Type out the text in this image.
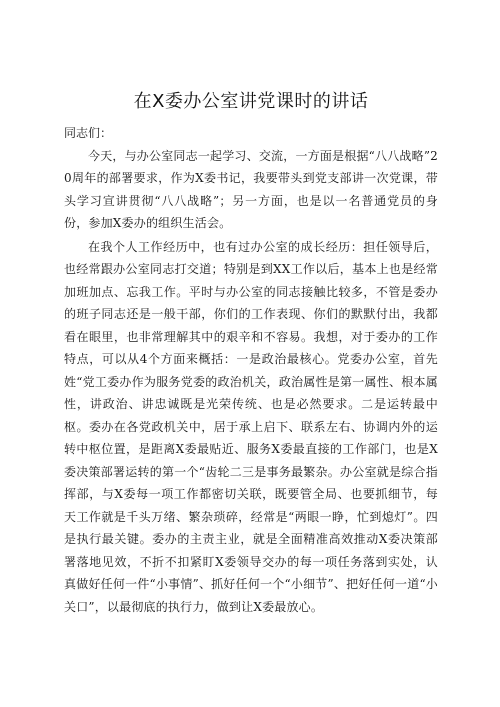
在X委办公室讲党课时的讲话

同志们：

今天，与办公室同志一起学习、交流，一方面是根据“八八战略”20周年的部署要求，作为X委书记，我要带头到党支部讲一次党课，带头学习宣讲贯彻“八八战略”；另一方面，也是以一名普通党员的身份，参加X委办的组织生活会。

在我个人工作经历中，也有过办公室的成长经历：担任领导后，也经常跟办公室同志打交道；特别是到XX工作以后，基本上也是经常加班加点、忘我工作。平时与办公室的同志接触比较多，不管是委办的班子同志还是一般干部，你们的工作表现、你们的默默付出，我都看在眼里，也非常理解其中的艰辛和不容易。我想，对于委办的工作特点，可以从4个方面来概括：一是政治最核心。党委办公室，首先姓“党工委办作为服务党委的政治机关，政治属性是第一属性、根本属性，讲政治、讲忠诚既是光荣传统、也是必然要求。二是运转最中枢。委办在各党政机关中，居于承上启下、联系左右、协调内外的运转中枢位置，是距离X委最贴近、服务X委最直接的工作部门，也是X委决策部署运转的第一个“齿轮二三是事务最繁杂。办公室就是综合指挥部，与X委每一项工作都密切关联，既要管全局、也要抓细节，每天工作就是千头万绪、繁杂琐碎，经常是“两眼一睁，忙到熄灯”。四是执行最关键。委办的主责主业，就是全面精准高效推动X委决策部署落地见效，不折不扣紧盯X委领导交办的每一项任务落到实处，认真做好任何一件“小事情”、抓好任何一个“小细节”、把好任何一道“小关口”，以最彻底的执行力，做到让X委最放心。
